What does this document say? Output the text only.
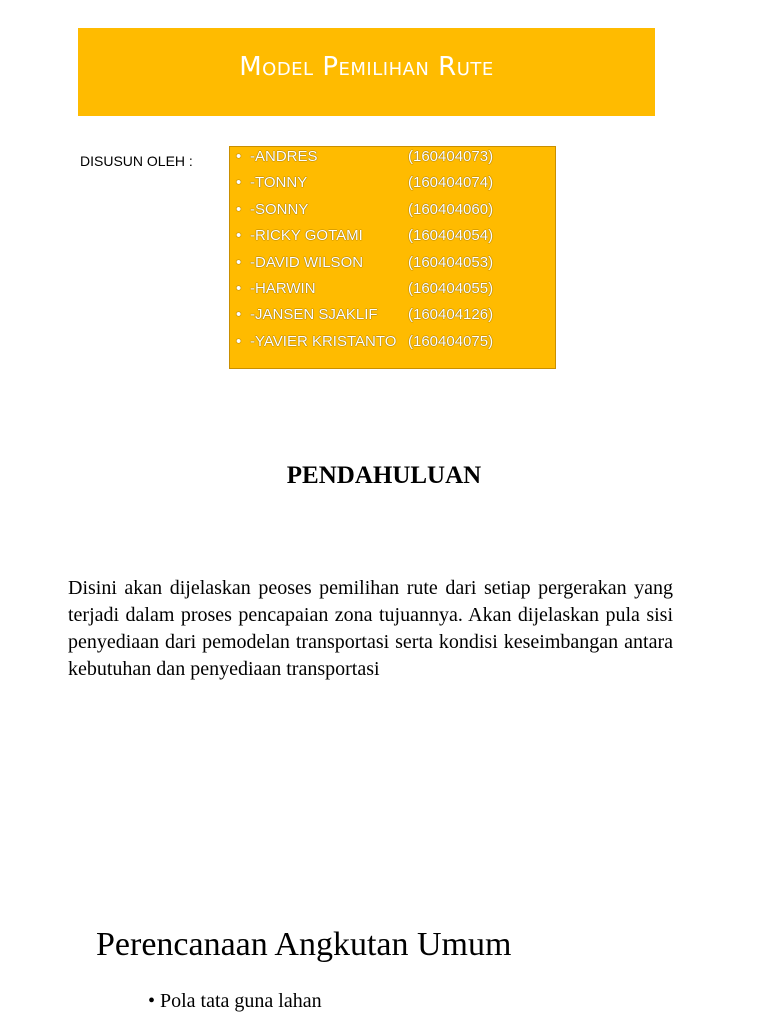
Model Pemilihan Rute
DISUSUN OLEH :	• -ANDRES	(160404073)
• -TONNY	(160404074)
• -SONNY	(160404060)
• -RICKY GOTAMI	(160404054)
• -DAVID WILSON	(160404053)
• -HARWIN	(160404055)
• -JANSEN SJAKLIF (160404126)
• -YAVIER KRISTANTO (160404075)
PENDAHULUAN

Disini akan dijelaskan peoses pemilihan rute dari setiap pergerakan yang terjadi dalam proses pencapaian zona tujuannya. Akan dijelaskan pula sisi penyediaan dari pemodelan transportasi serta kondisi keseimbangan antara kebutuhan dan penyediaan transportasi

Perencanaan Angkutan Umum
• Pola tata guna lahan
